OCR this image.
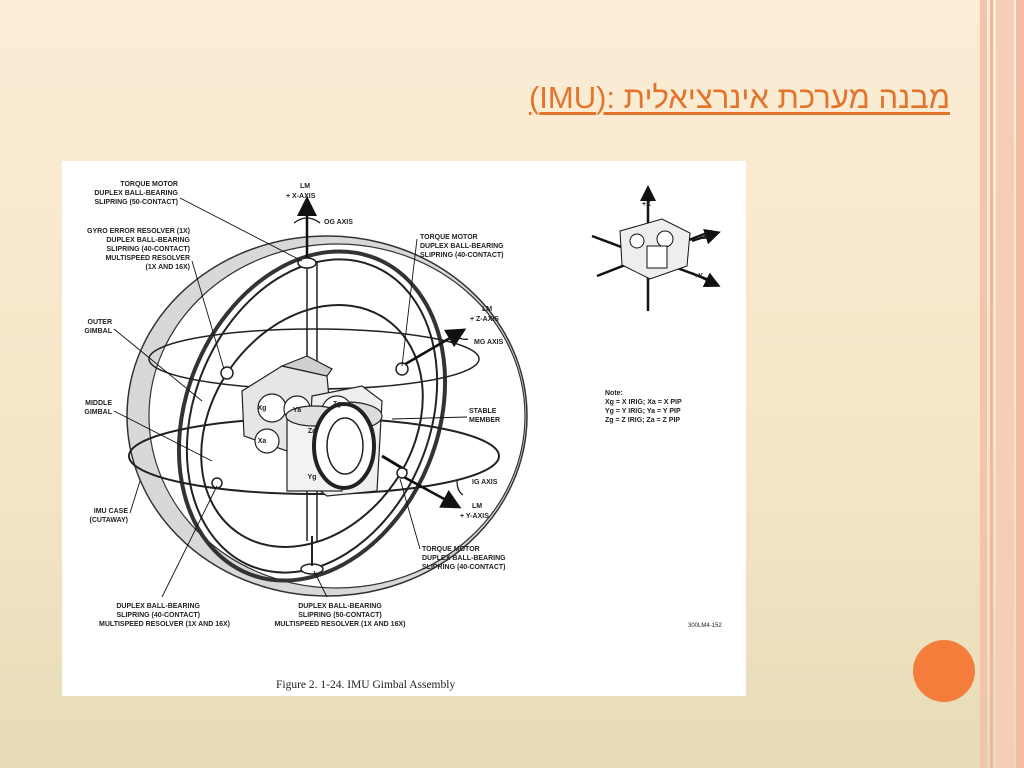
מבנה מערכת אינרציאלית :(IMU)
Xg	Ya
Zg
Xa
Za
Yg
TORQUE MOTOR
DUPLEX BALL-BEARING
SLIPRING (50-CONTACT)
GYRO ERROR RESOLVER (1X)
DUPLEX BALL-BEARING
SLIPRING (40-CONTACT)
MULTISPEED RESOLVER
(1X AND 16X)
OUTER
GIMBAL
MIDDLE
GIMBAL
IMU CASE
(CUTAWAY)
LM
+ X-AXIS
OG AXIS
TORQUE MOTOR
DUPLEX BALL-BEARING
SLIPRING (40-CONTACT)
LM
+ Z-AXIS
MG AXIS
STABLE
MEMBER
IG AXIS
LM
+ Y-AXIS
TORQUE MOTOR
DUPLEX BALL-BEARING
SLIPRING (40-CONTACT)
DUPLEX BALL-BEARING
SLIPRING (40-CONTACT)
MULTISPEED RESOLVER (1X AND 16X)
DUPLEX BALL-BEARING
SLIPRING (50-CONTACT)
MULTISPEED RESOLVER (1X AND 16X)
+X
+Z
+Y
Note:
Xg = X IRIG; Xa = X PIP
Yg = Y IRIG; Ya = Y PIP
Zg = Z IRIG; Za = Z PIP
300LM4-152
Figure 2. 1-24. IMU Gimbal Assembly
